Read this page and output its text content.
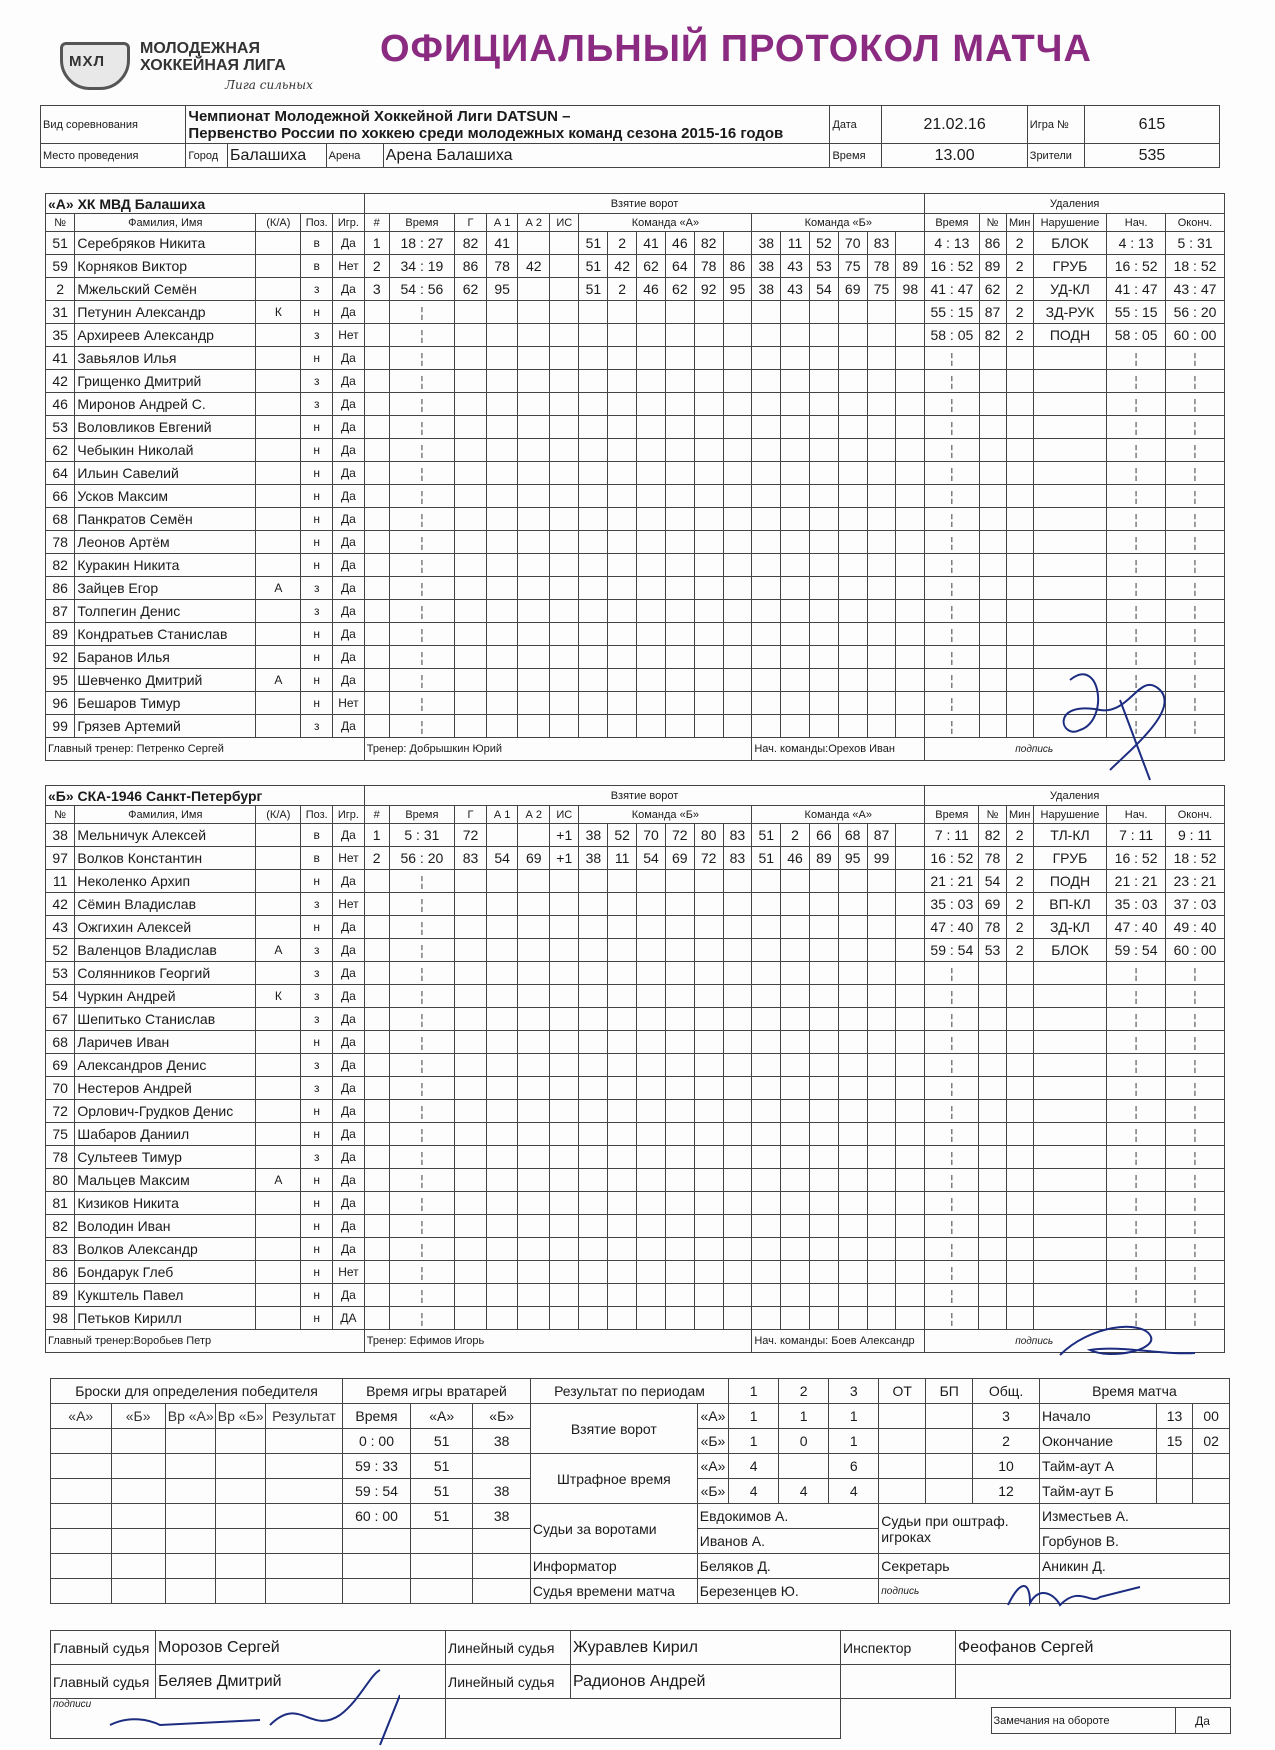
МХЛ
МОЛОДЕЖНАЯ
ХОККЕЙНАЯ ЛИГА
Лига сильных
ОФИЦИАЛЬНЫЙ ПРОТОКОЛ МАТЧА
Вид соревнования	Чемпионат Молодежной Хоккейной Лиги DATSUN –
Первенство России по хоккею среди молодежных команд сезона 2015-16 годов				Дата	21.02.16	Игра №	615
Место проведения	Город	Балашиха	Арена	Арена Балашиха	Время	13.00	Зрители	535
«А» ХК МВД Балашиха					Взятие ворот																		Удаления					
№	Фамилия, Имя	(К/А)	Поз.	Игр.	#	Время	Г	А 1	А 2	ИС	Команда «А»						Команда «Б»						Время	№	Мин	Нарушение	Нач.	Оконч.
51	Серебряков Никита		в	Да	1	18 : 27	82	41			51	2	41	46	82		38	11	52	70	83		4 : 13	86	2	БЛОК	4 : 13	5 : 31
59	Корняков Виктор		в	Нет	2	34 : 19	86	78	42		51	42	62	64	78	86	38	43	53	75	78	89	16 : 52	89	2	ГРУБ	16 : 52	18 : 52
2	Мжельский Семён		з	Да	3	54 : 56	62	95			51	2	46	62	92	95	38	43	54	69	75	98	41 : 47	62	2	УД-КЛ	41 : 47	43 : 47
31	Петунин Александр	К	н	Да		¦																	55 : 15	87	2	ЗД-РУК	55 : 15	56 : 20
35	Архиреев Александр		з	Нет		¦																	58 : 05	82	2	ПОДН	58 : 05	60 : 00
41	Завьялов Илья		н	Да		¦																	¦				¦	¦
42	Грищенко Дмитрий		з	Да		¦																	¦				¦	¦
46	Миронов Андрей С.		з	Да		¦																	¦				¦	¦
53	Воловликов Евгений		н	Да		¦																	¦				¦	¦
62	Чебыкин Николай		н	Да		¦																	¦				¦	¦
64	Ильин Савелий		н	Да		¦																	¦				¦	¦
66	Усков Максим		н	Да		¦																	¦				¦	¦
68	Панкратов Семён		н	Да		¦																	¦				¦	¦
78	Леонов Артём		н	Да		¦																	¦				¦	¦
82	Куракин Никита		н	Да		¦																	¦				¦	¦
86	Зайцев Егор	А	з	Да		¦																	¦				¦	¦
87	Толпегин Денис		з	Да		¦																	¦				¦	¦
89	Кондратьев Станислав		н	Да		¦																	¦				¦	¦
92	Баранов Илья		н	Да		¦																	¦				¦	¦
95	Шевченко Дмитрий	А	н	Да		¦																	¦				¦	¦
96	Бешаров Тимур		н	Нет		¦																	¦				¦	¦
99	Грязев Артемий		з	Да		¦																	¦				¦	¦
Главный тренер: Петренко Сергей					Тренер: Добрышкин Юрий												Нач. команды:Орехов Иван						подпись					
«Б» СКА-1946 Санкт-Петербург					Взятие ворот																		Удаления					
№	Фамилия, Имя	(К/А)	Поз.	Игр.	#	Время	Г	А 1	А 2	ИС	Команда «Б»						Команда «А»						Время	№	Мин	Нарушение	Нач.	Оконч.
38	Мельничук Алексей		в	Да	1	5 : 31	72			+1	38	52	70	72	80	83	51	2	66	68	87		7 : 11	82	2	ТЛ-КЛ	7 : 11	9 : 11
97	Волков Константин		в	Нет	2	56 : 20	83	54	69	+1	38	11	54	69	72	83	51	46	89	95	99		16 : 52	78	2	ГРУБ	16 : 52	18 : 52
11	Неколенко Архип		н	Да		¦																	21 : 21	54	2	ПОДН	21 : 21	23 : 21
42	Сёмин Владислав		з	Нет		¦																	35 : 03	69	2	ВП-КЛ	35 : 03	37 : 03
43	Ожгихин Алексей		н	Да		¦																	47 : 40	78	2	ЗД-КЛ	47 : 40	49 : 40
52	Валенцов Владислав	А	з	Да		¦																	59 : 54	53	2	БЛОК	59 : 54	60 : 00
53	Солянников Георгий		з	Да		¦																	¦				¦	¦
54	Чуркин Андрей	К	з	Да		¦																	¦				¦	¦
67	Шепитько Станислав		з	Да		¦																	¦				¦	¦
68	Ларичев Иван		н	Да		¦																	¦				¦	¦
69	Александров Денис		з	Да		¦																	¦				¦	¦
70	Нестеров Андрей		з	Да		¦																	¦				¦	¦
72	Орлович-Грудков Денис		н	Да		¦																	¦				¦	¦
75	Шабаров Даниил		н	Да		¦																	¦				¦	¦
78	Сультеев Тимур		з	Да		¦																	¦				¦	¦
80	Мальцев Максим	А	н	Да		¦																	¦				¦	¦
81	Кизиков Никита		н	Да		¦																	¦				¦	¦
82	Володин Иван		н	Да		¦																	¦				¦	¦
83	Волков Александр		н	Да		¦																	¦				¦	¦
86	Бондарук Глеб		н	Нет		¦																	¦				¦	¦
89	Кукштель Павел		н	Да		¦																	¦				¦	¦
98	Петьков Кирилл		н	ДА		¦																	¦				¦	¦
Главный тренер:Воробьев Петр					Тренер: Ефимов Игорь												Нач. команды: Боев Александр						подпись					
Броски для определения победителя					Время игры вратарей			Результат по периодам		1	2	3	ОТ	БП	Общ.	Время матча		
«А»	«Б»	Вр «А»	Вр «Б»	Результат	Время	«А»	«Б»	Взятие ворот	«А»	1	1	1			3	Начало	13	00
					0 : 00	51	38		«Б»	1	0	1			2	Окончание	15	02
					59 : 33	51		Штрафное время	«А»	4		6			10	Тайм-аут А		
					59 : 54	51	38		«Б»	4	4	4			12	Тайм-аут Б		
					60 : 00	51	38	Судьи за воротами	Евдокимов А.				Судьи при оштраф. игроках			Изместьев А.		
									Иванов А.							Горбунов В.		
								Информатор	Беляков Д.				Секретарь			Аникин Д.		
								Судья времени матча	Березенцев Ю.				подпись					
Главный судья	Морозов Сергей	Линейный судья	Журавлев Кирил	Инспектор	Феофанов Сергей
Главный судья	Беляев Дмитрий	Линейный судья	Радионов Андрей		
подписи		
Замечания на обороте	Да
